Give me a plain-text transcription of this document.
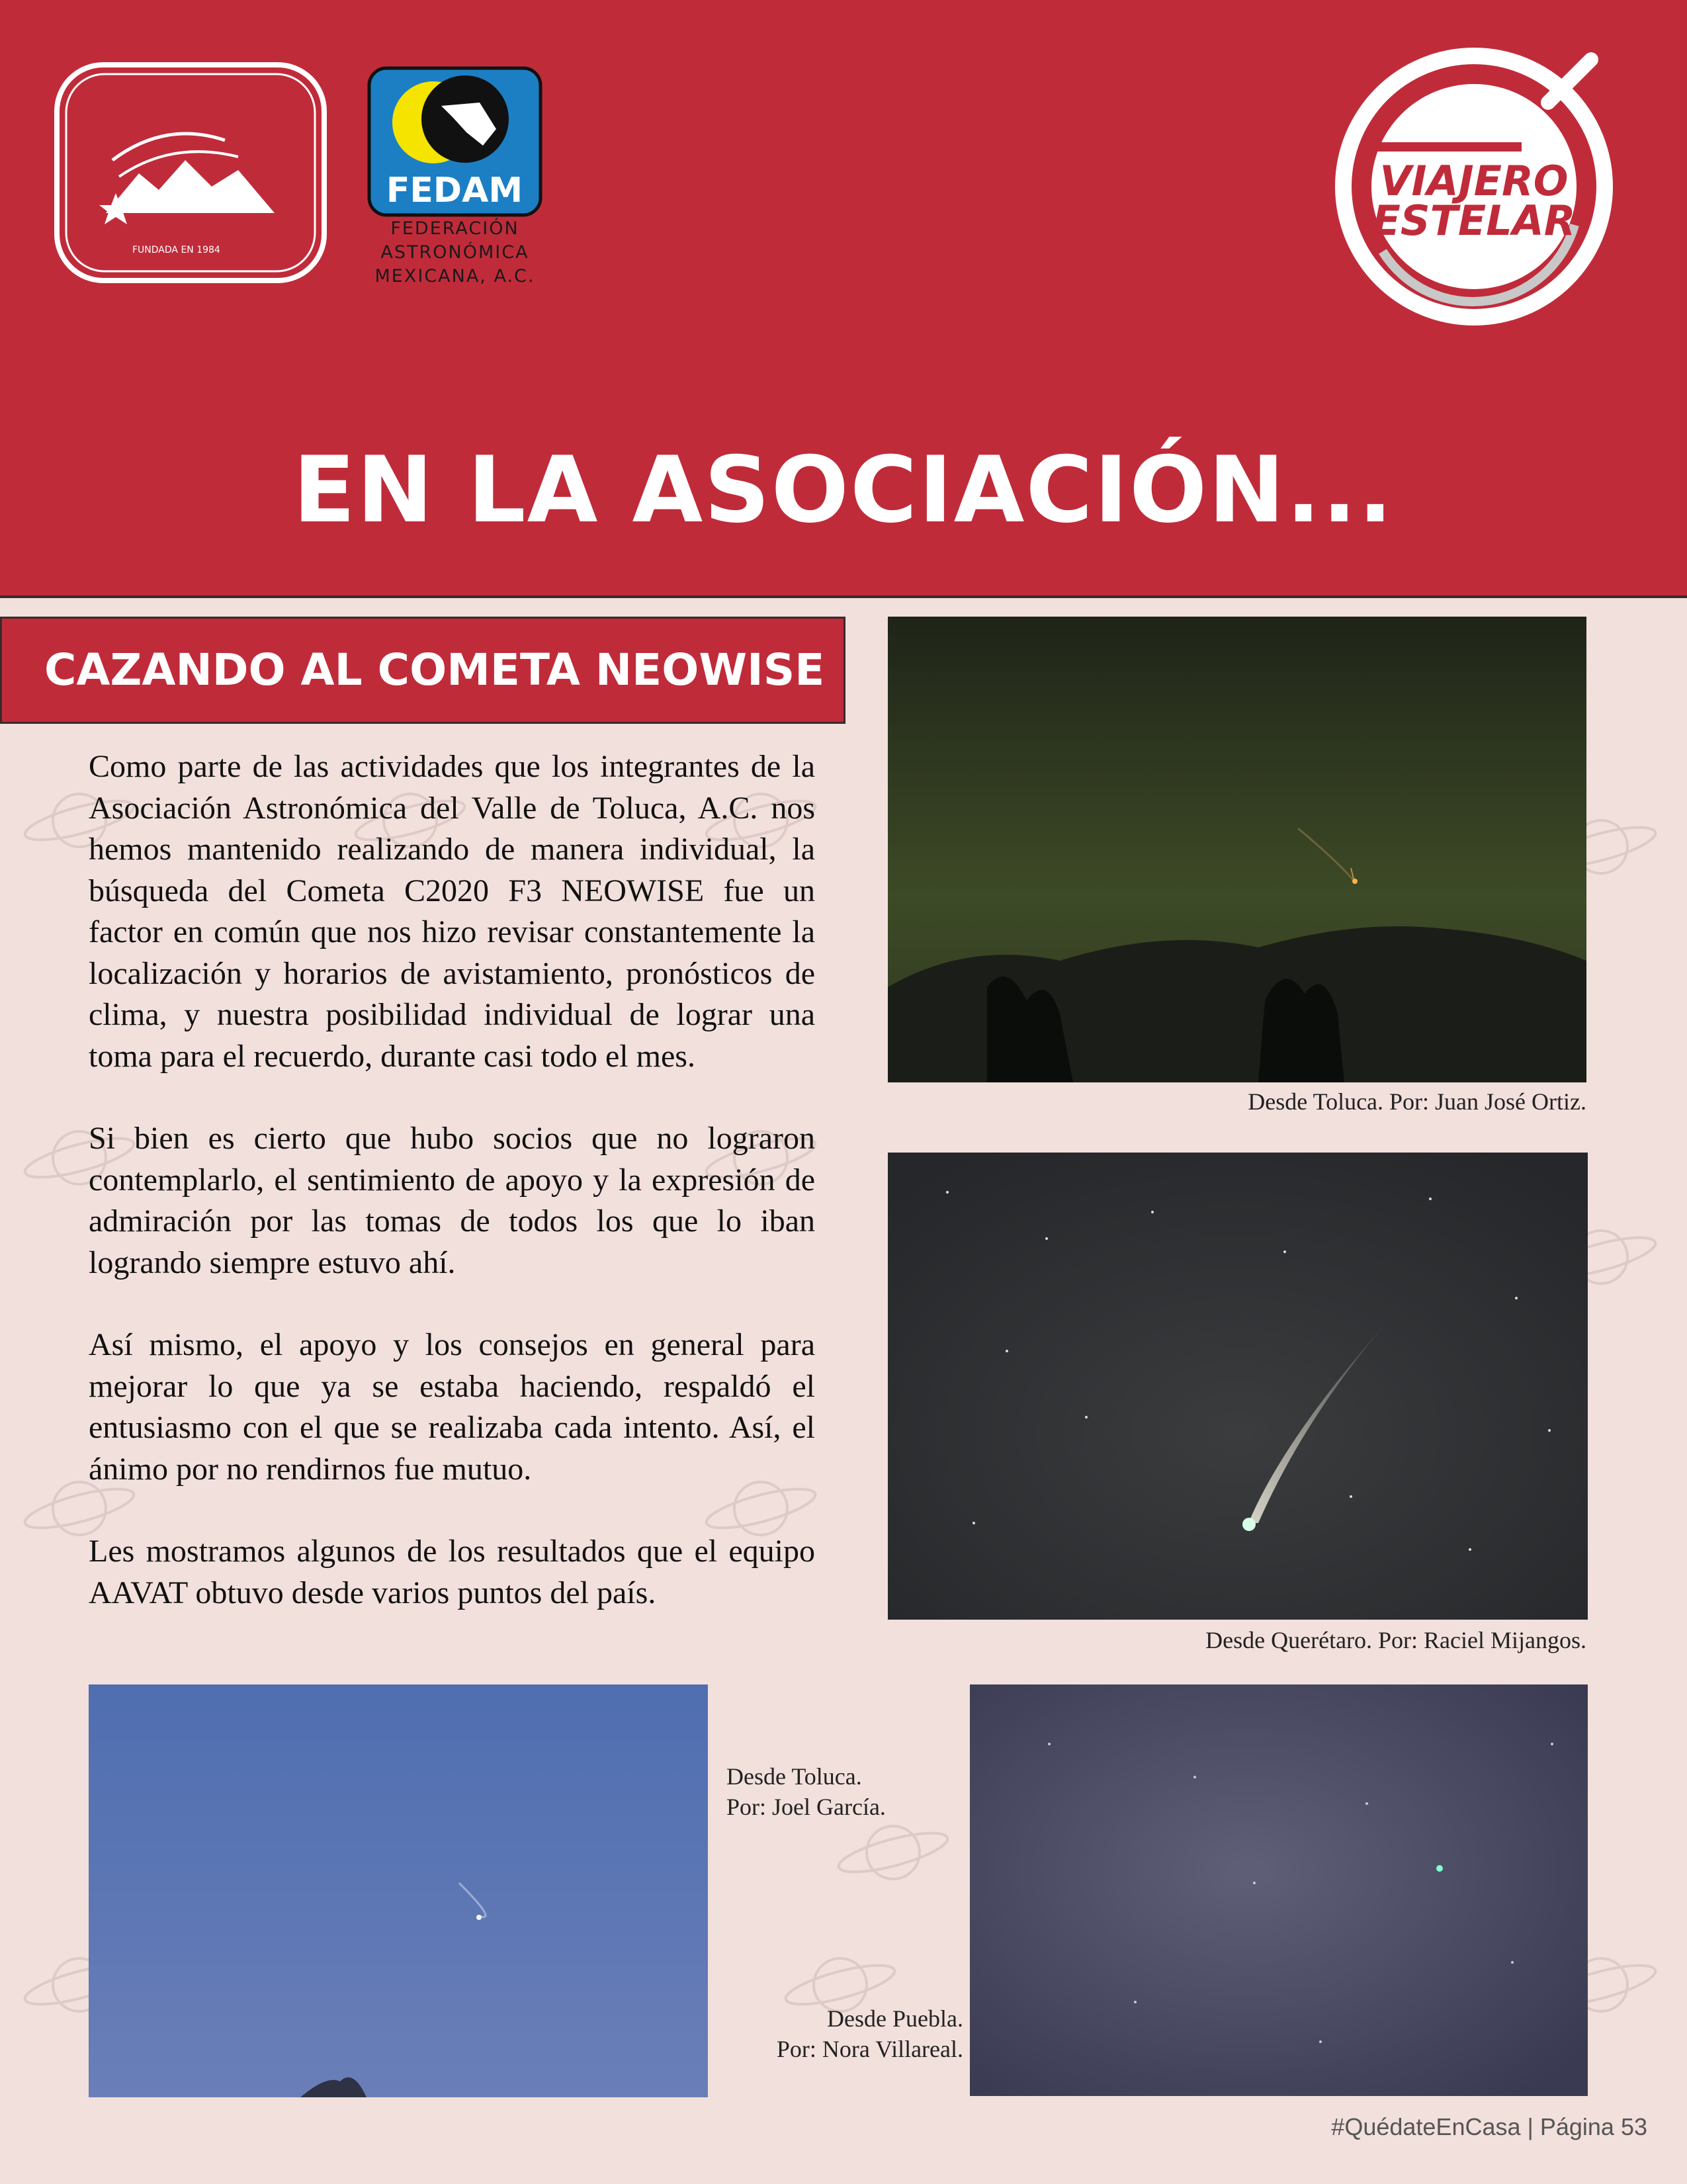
FUNDADA EN 1984
FEDAM
FEDERACIÓN
ASTRONÓMICA
MEXICANA, A.C.
VIAJERO
ESTELAR
EN LA ASOCIACIÓN...
CAZANDO AL COMETA NEOWISE

Como parte de las actividades que los integrantes de la Asociación Astronómica del Valle de Toluca, A.C. nos hemos mantenido realizando de manera individual, la búsqueda del Cometa C2020 F3 NEOWISE fue un factor en común que nos hizo revisar constantemente la localización y horarios de avistamiento, pronósticos de clima, y nuestra posibilidad individual de lograr una toma para el recuerdo, durante casi todo el mes.

Si bien es cierto que hubo socios que no lograron contemplarlo, el sentimiento de apoyo y la expresión de admiración por las tomas de todos los que lo iban logrando siempre estuvo ahí.

Así mismo, el apoyo y los consejos en general para mejorar lo que ya se estaba haciendo, respaldó el entusiasmo con el que se realizaba cada intento. Así, el ánimo por no rendirnos fue mutuo.

Les mostramos algunos de los resultados que el equipo AAVAT obtuvo desde varios puntos del país.

Desde Toluca. Por: Juan José Ortiz.
Desde Querétaro. Por: Raciel Mijangos.
Desde Toluca.
Por: Joel García.
Desde Puebla.
Por: Nora Villareal.
#QuédateEnCasa | Página 53
